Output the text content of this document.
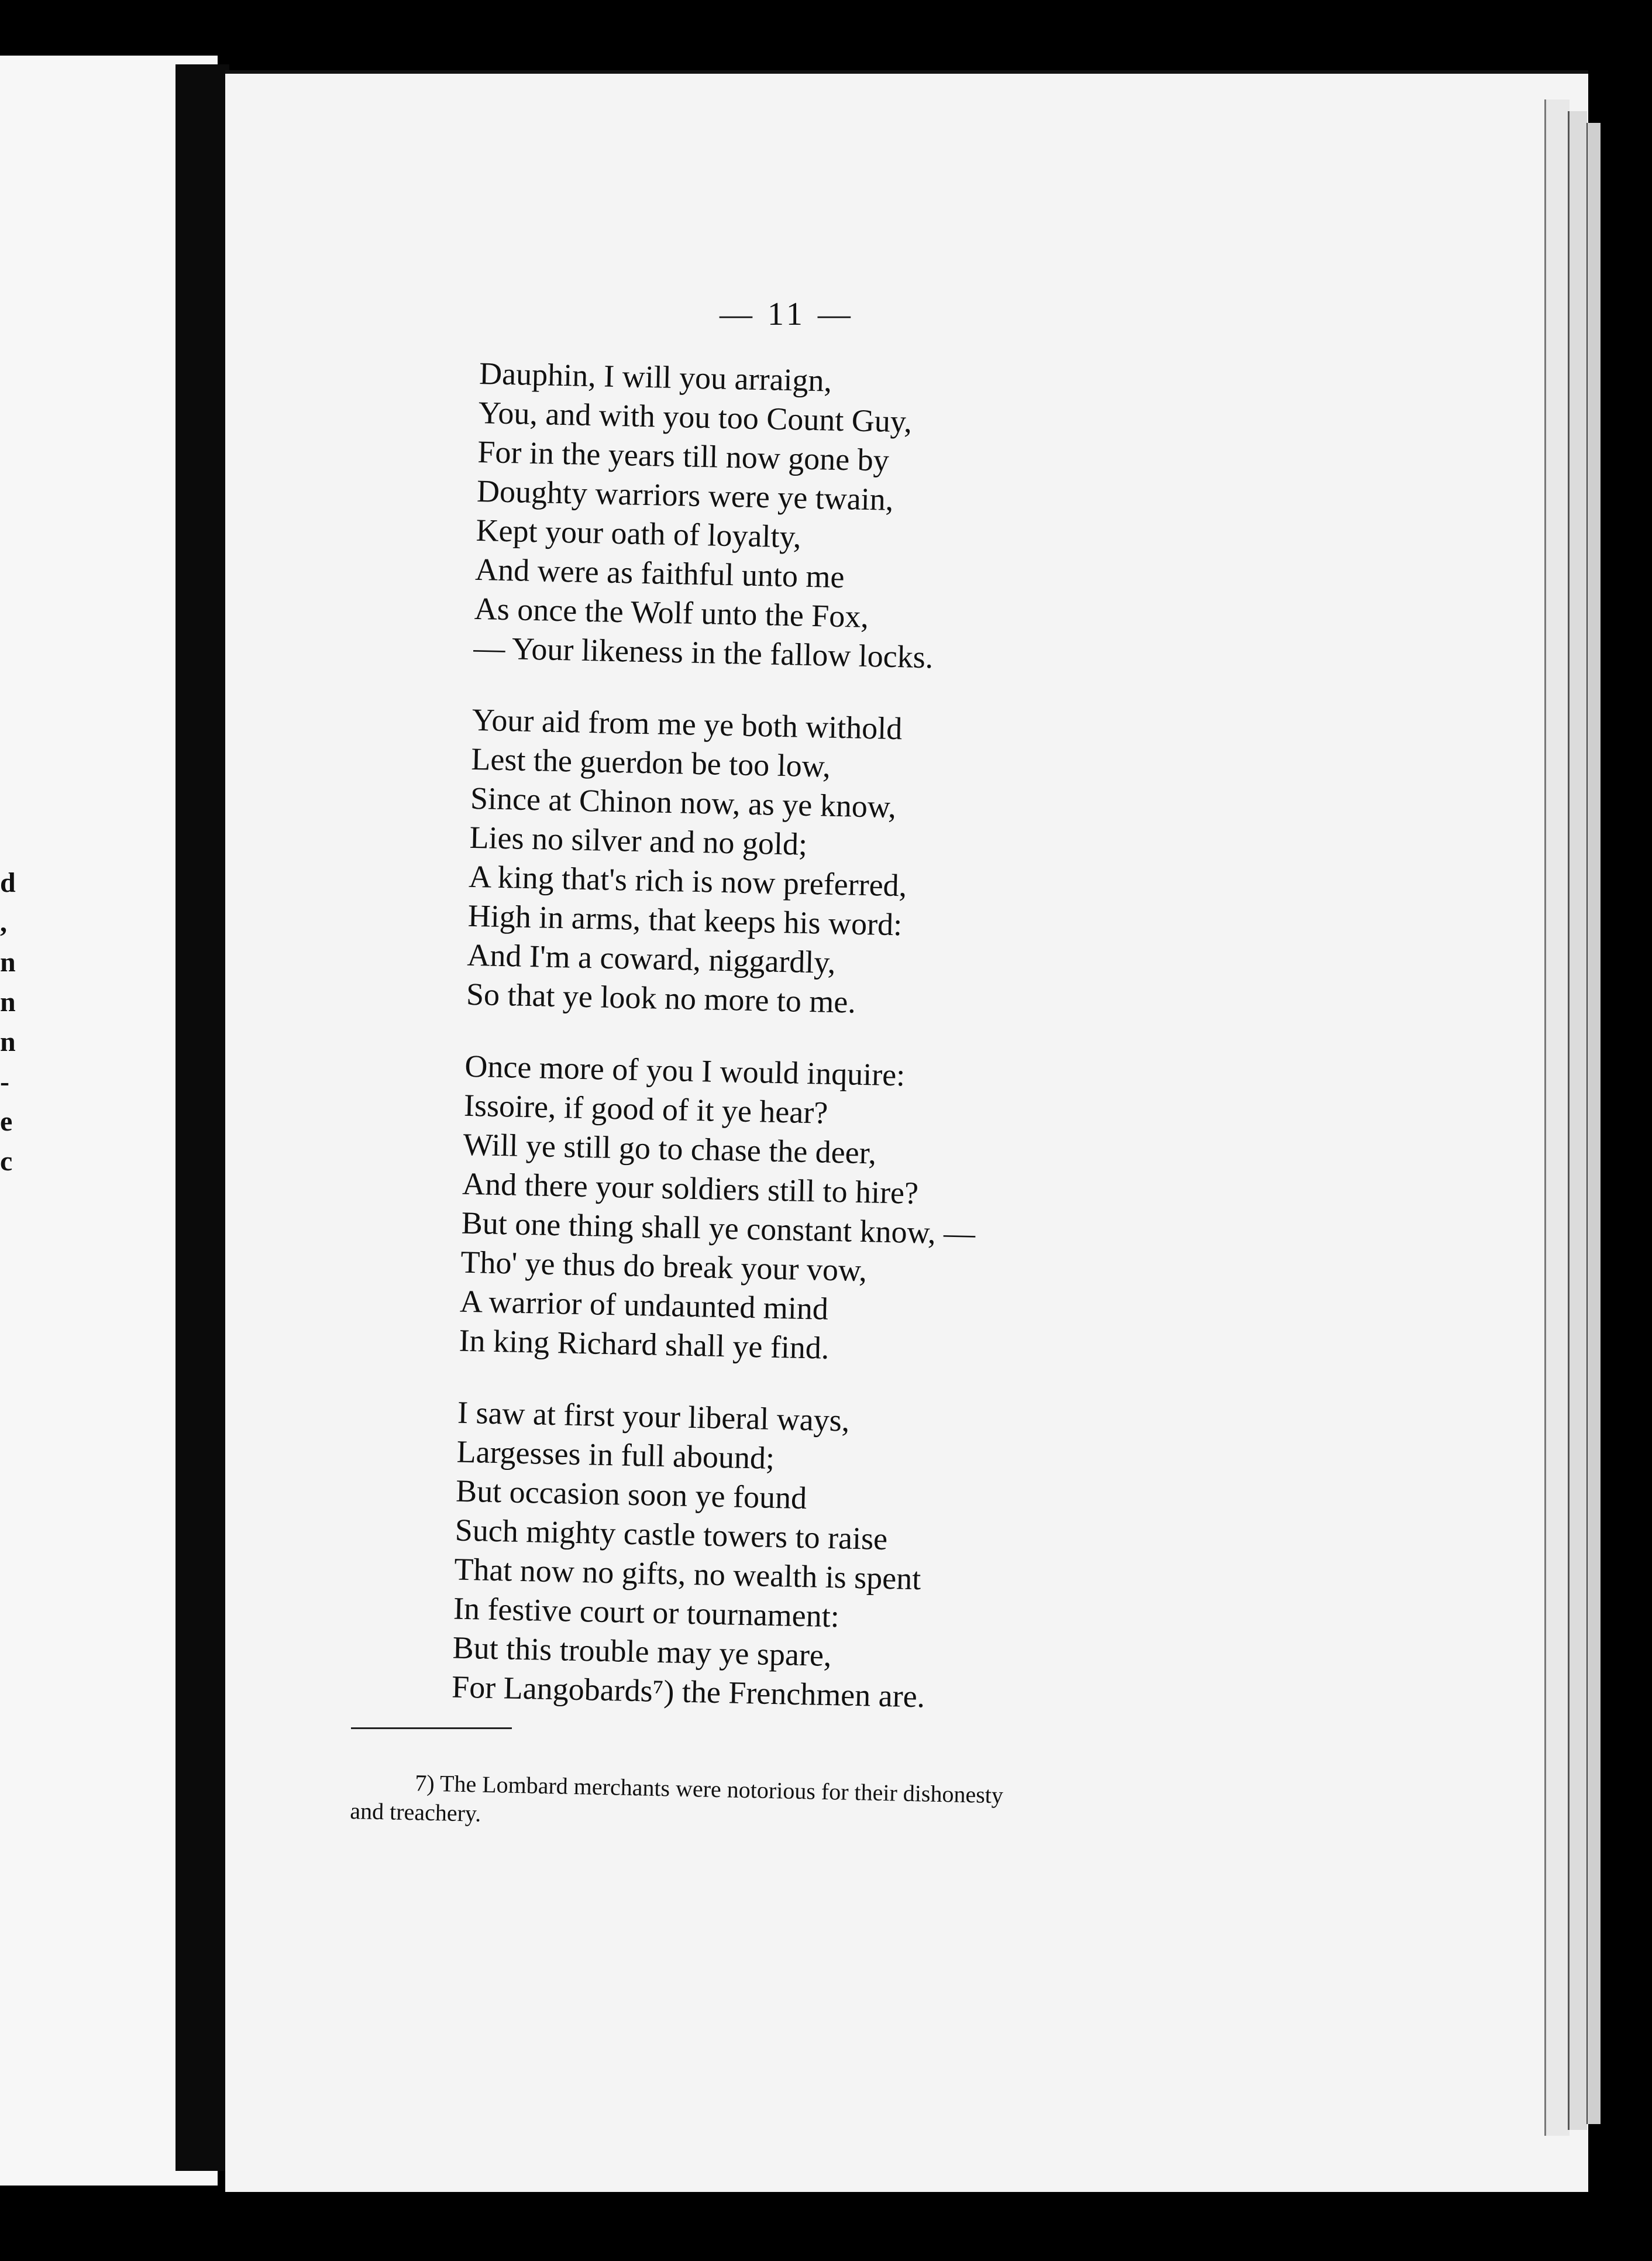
d
,
n
n
n
-
e
c

— 11 —

Dauphin, I will you arraign,

You, and with you too Count Guy,

For in the years till now gone by

Doughty warriors were ye twain,

Kept your oath of loyalty,

And were as faithful unto me

As once the Wolf unto the Fox,

— Your likeness in the fallow locks.

Your aid from me ye both withold

Lest the guerdon be too low,

Since at Chinon now, as ye know,

Lies no silver and no gold;

A king that's rich is now preferred,

High in arms, that keeps his word:

And I'm a coward, niggardly,

So that ye look no more to me.

Once more of you I would inquire:

Issoire, if good of it ye hear?

Will ye still go to chase the deer,

And there your soldiers still to hire?

But one thing shall ye constant know, —

Tho' ye thus do break your vow,

A warrior of undaunted mind

In king Richard shall ye find.

I saw at first your liberal ways,

Largesses in full abound;

But occasion soon ye found

Such mighty castle towers to raise

That now no gifts, no wealth is spent

In festive court or tournament:

But this trouble may ye spare,

For Langobards⁷) the Frenchmen are.

7) The Lombard merchants were notorious for their dishonesty

and treachery.
